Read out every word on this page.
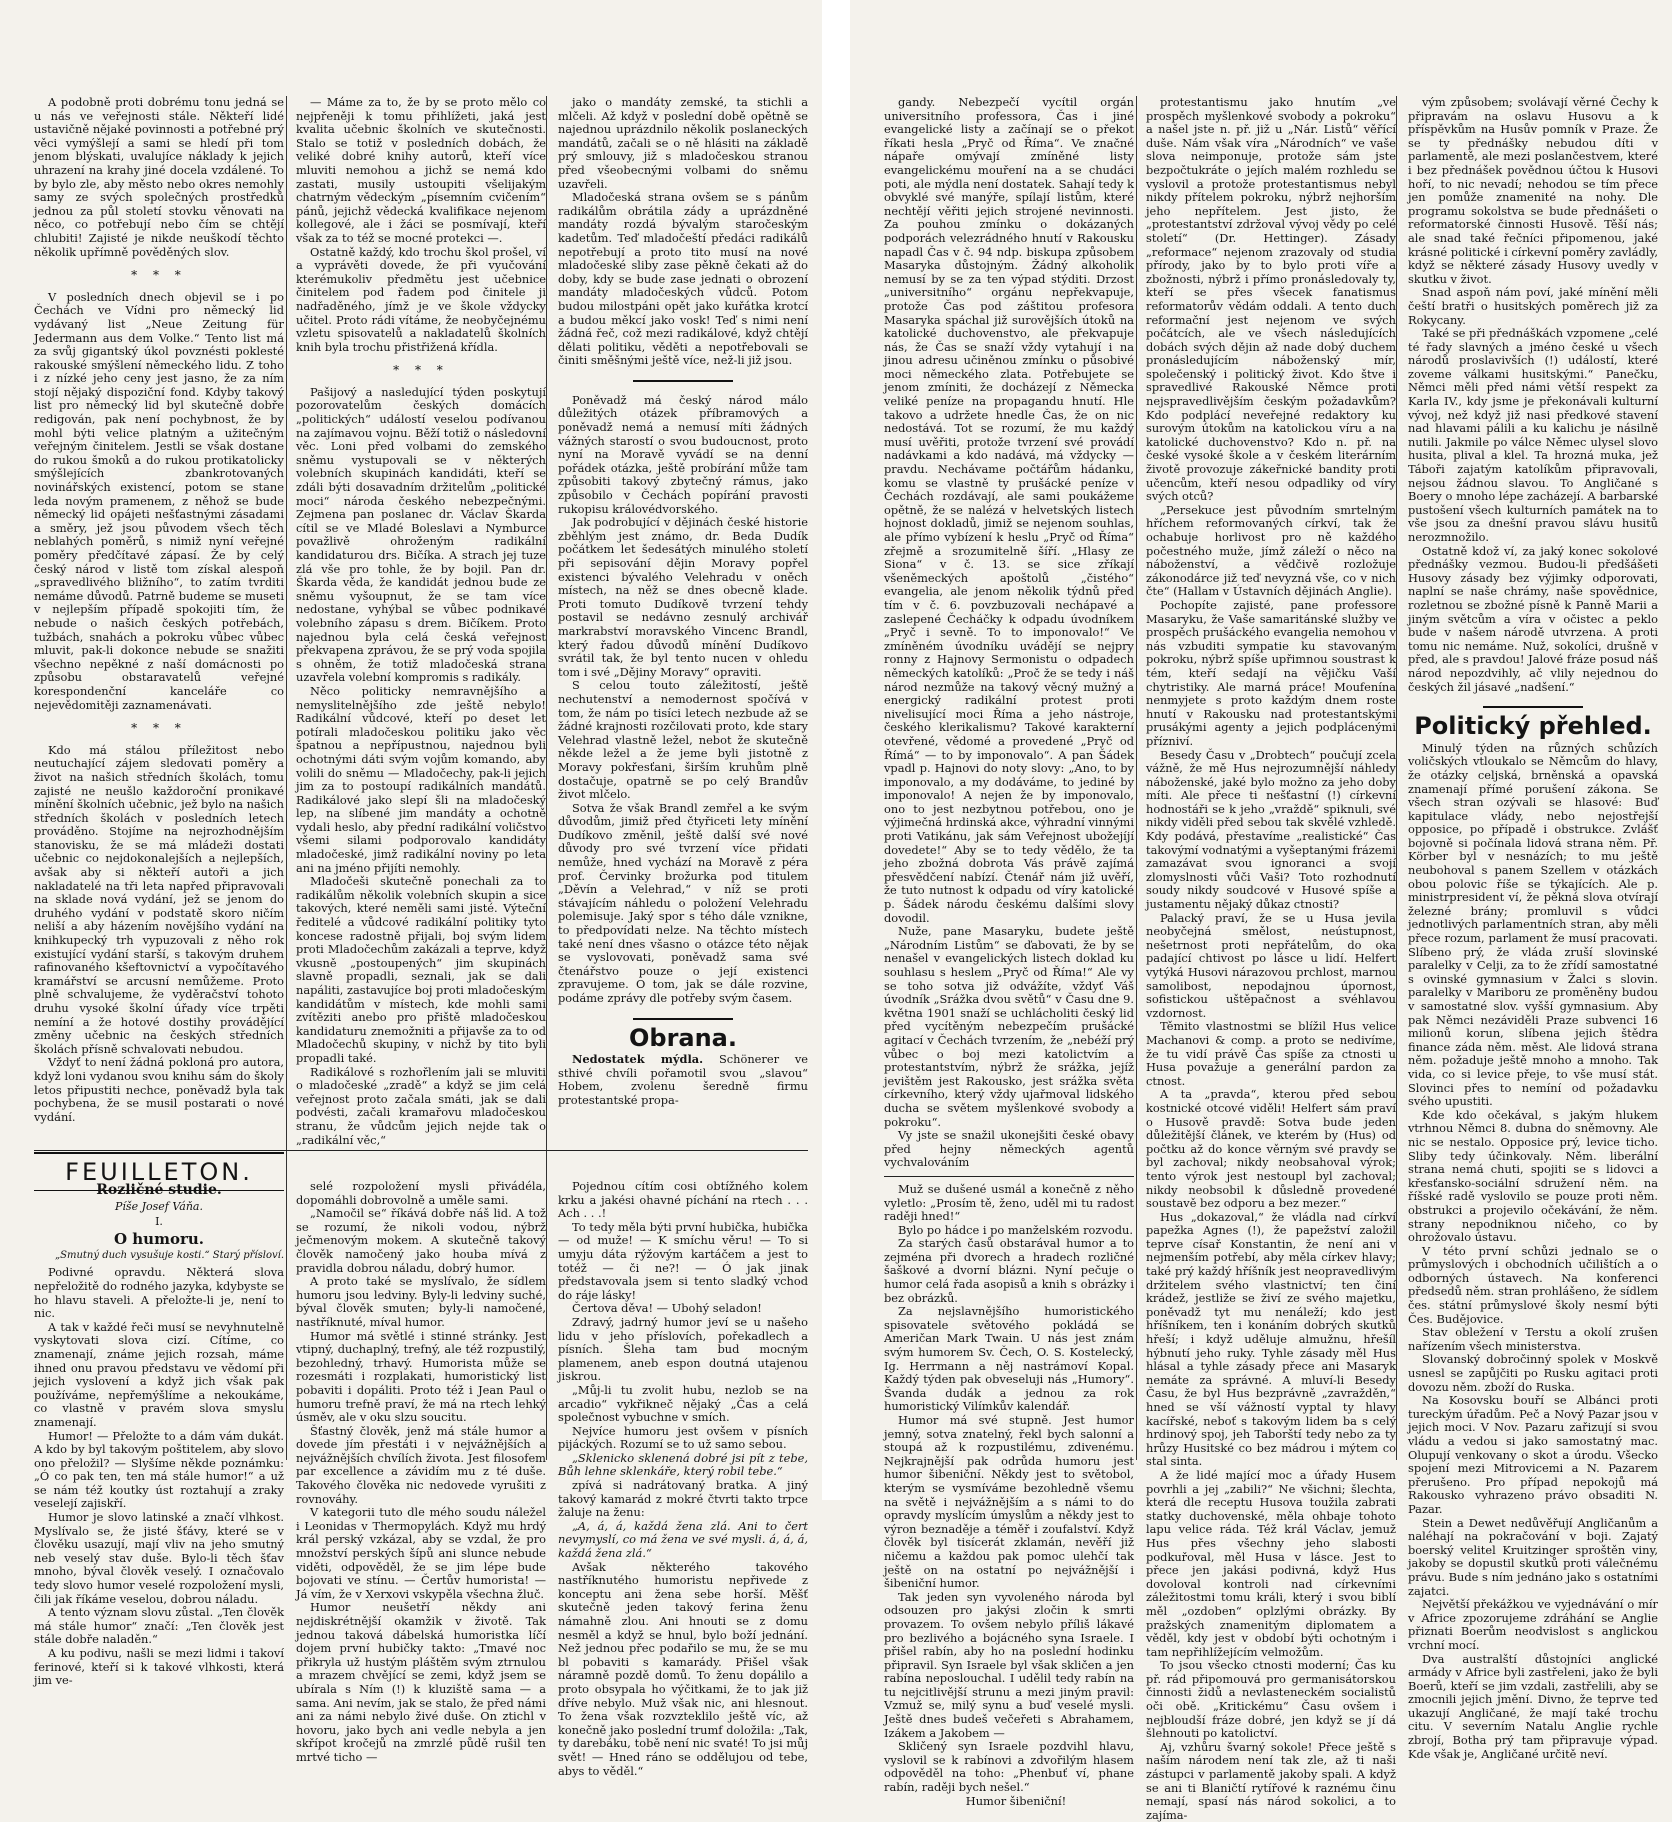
A podobně proti dobrému tonu jedná se u nás ve veřejnosti stále. Někteří lidé ustavičně nějaké povinnosti a potřebné prý věci vymýšlejí a sami se hledí při tom jenom blýskati, uvalujíce náklady k jejich uhrazení na krahy jiné docela vzdálené. To by bylo zle, aby město nebo okres nemohly samy ze svých společných prostředků jednou za půl století stovku věnovati na něco, co potřebují nebo čím se chtějí chlubiti! Zajisté je nikde neuškodí těchto několik upřímně pověděných slov.

* * *

V posledních dnech objevil se i po Čechách ve Vídni pro německý lid vydávaný list „Neue Zeitung für Jedermann aus dem Volke.“ Tento list má za svůj gigantský úkol povznésti poklesté rakouské smýšlení německého lidu. Z toho i z nízké jeho ceny jest jasno, že za ním stojí nějaký dispoziční fond. Kdyby takový list pro německý lid byl skutečně dobře redigován, pak není pochybnost, že by mohl býti velice platným a užitečným veřejným činitelem. Jestli se však dostane do rukou šmoků a do rukou protikatolicky smýšlejících zbankrotovaných novinářských existencí, potom se stane leda novým pramenem, z něhož se bude německý lid opájeti nešťastnými zásadami a směry, jež jsou původem všech těch neblahých poměrů, s nimiž nyní veřejné poměry předčítavé zápasí. Že by celý český národ v listě tom získal alespoň „spravedlivého bližního“, to zatím tvrditi nemáme důvodů. Patrně budeme se museti v nejlepším případě spokojiti tím, že nebude o našich českých potřebách, tužbách, snahách a pokroku vůbec vůbec mluvit, pak-li dokonce nebude se snažiti všechno nepěkné z naší domácnosti po způsobu obstaravatelů veřejné korespondenční kanceláře co nejevědomitěji zaznamenávati.

* * *

Kdo má stálou příležitost nebo neutuchající zájem sledovati poměry a život na našich středních školách, tomu zajisté ne neušlo každoroční pronikavé mínění školních učebnic, jež bylo na našich středních školách v posledních letech prováděno. Stojíme na nejrozhodnějším stanovisku, že se má mládeži dostati učebnic co nejdokonalejších a nejlepších, avšak aby si někteří autoři a jich nakladatelé na tři leta napřed připravovali na sklade nová vydání, jež se jenom do druhého vydání v podstatě skoro ničím neliší a aby házením novějšího vydání na knihkupecký trh vypuzovali z něho rok existující vydání starší, s takovým druhem rafinovaného kšeftovnictví a vypočítavého kramářství se arcusní nemůžeme. Proto plně schvalujeme, že vyděračství tohoto druhu vysoké školní úřady více trpěti nemíní a že hotové dostihy provádějící změny učebnic na českých středních školách přísně schvalovati nebudou.

Vždyť to není žádná pokloná pro autora, když loni vydanou svou knihu sám do školy letos připustiti nechce, poněvadž byla tak pochybena, že se musil postarati o nové vydání.

— Máme za to, že by se proto mělo co nejpřeněji k tomu přihlížeti, jaká jest kvalita učebnic školních ve skutečnosti. Stalo se totiž v posledních dobách, že veliké dobré knihy autorů, kteří více mluviti nemohou a jichž se nemá kdo zastati, musily ustoupiti všelijakým chatrným vědeckým „písemním cvičením“ pánů, jejichž vědecká kvalifikace nejenom kollegové, ale i žáci se posmívají, kteří však za to též se mocné protekci —.

Ostatně každý, kdo trochu škol prošel, ví a vyprávěti dovede, že při vyučování kterémukoliv předmětu jest učebnice činitelem pod řadem pod činitele ji nadřaděného, jímž je ve škole vždycky učitel. Proto rádi vítáme, že neobyčejnému vzletu spisovatelů a nakladatelů školních knih byla trochu přistřižená křídla.

* * *

Pašijový a nasledující týden poskytují pozorovatelům českých domácích „politických“ událostí veselou podívanou na zajímavou vojnu. Běží totiž o následovní věc. Loni před volbami do zemského sněmu vystupovali se v některých volebních skupinách kandidáti, kteří se zdáli býti dosavadním držitelům „politické moci“ národa českého nebezpečnými. Zejmena pan poslanec dr. Václav Škarda cítil se ve Mladé Boleslavi a Nymburce považlivě ohroženým radikální kandidaturou drs. Bičíka. A strach jej tuze zlá vše pro tohle, že by bojil. Pan dr. Škarda věda, že kandidát jednou bude ze sněmu vyšoupnut, že se tam více nedostane, vyhýbal se vůbec podnikavé volebního zápasu s drem. Bičíkem. Proto najednou byla celá česká veřejnost překvapena zprávou, že se prý voda spojila s ohněm, že totiž mladočeská strana uzavřela volební kompromis s radikály.

Něco politicky nemravnějšího a nemyslitelnějšího zde ještě nebylo! Radikální vůdcové, kteří po deset let potírali mladočeskou politiku jako věc špatnou a nepřípustnou, najednou byli ochotnými dáti svým vojům komando, aby volili do sněmu — Mladočechy, pak-li jejich jim za to postoupí radikálních mandátů. Radikálové jako slepí šli na mladočeský lep, na slíbené jim mandáty a ochotně vydali heslo, aby přední radikální voličstvo všemi silami podporovalo kandidáty mladočeské, jimž radikální noviny po leta ani na jméno přijíti nemohly.

Mladočeši skutečně ponechali za to radikálům několik volebních skupin a sice takových, které neměli sami jisté. Výteční ředitelé a vůdcové radikální politiky tyto koncese radostně přijali, boj svým lidem proti Mladočechům zakázali a teprve, když vkusně „postoupených“ jim skupinách slavně propadli, seznali, jak se dali napáliti, zastavujíce boj proti mladočeským kandidátům v místech, kde mohli sami zvítěziti anebo pro přiště mladočeskou kandidaturu znemožniti a přijavše za to od Mladočechů skupiny, v nichž by tito byli propadli také.

Radikálové s rozhořlením jali se mluviti o mladočeské „zradě“ a když se jim celá veřejnost proto začala smáti, jak se dali podvésti, začali kramařovu mladočeskou stranu, že vůdcům jejich nejde tak o „radikální věc,“

jako o mandáty zemské, ta stichli a mlčeli. Až když v poslední době opětně se najednou uprázdnilo několik poslaneckých mandátů, začali se o ně hlásiti na základě prý smlouvy, již s mladočeskou stranou před všeobecnými volbami do sněmu uzavřeli.

Mladočeská strana ovšem se s pánům radikálům obrátila zády a uprázdněné mandáty rozdá bývalým staročeským kadetům. Teď mladočeští předáci radikálů nepotřebují a proto tito musí na nové mladočeské sliby zase pěkně čekati až do doby, kdy se bude zase jednati o obrození mandáty mladočeských vůdců. Potom budou milostpáni opět jako kuřátka krotcí a budou měkcí jako vosk! Teď s nimi není žádná řeč, což mezi radikálové, když chtějí dělati politiku, věděti a nepotřebovali se činiti směšnými ještě více, než-li již jsou.

Poněvadž má český národ málo důležitých otázek příbramových a poněvadž nemá a nemusí míti žádných vážných starostí o svou budoucnost, proto nyní na Moravě vyvádí se na denní pořádek otázka, ještě probírání může tam způsobiti takový zbytečný rámus, jako způsobilo v Čechách popírání pravosti rukopisu královédvorského.

Jak podrobující v dějinách české historie zběhlým jest známo, dr. Beda Dudík počátkem let šedesátých minulého století při sepisování dějin Moravy popřel existenci bývalého Velehradu v oněch místech, na něž se dnes obecně klade. Proti tomuto Dudíkově tvrzení tehdy postavil se nedávno zesnulý archivář markrabství moravského Vincenc Brandl, který řadou důvodů mínění Dudíkovo svrátil tak, že byl tento nucen v ohledu tom i své „Dějiny Moravy“ opraviti.

S celou touto záležitostí, ještě nechutenství a nemodernost spočívá v tom, že nám po tisíci letech nezbude až se žádné krajnosti rozčilovati proto, kde stary Velehrad vlastně ležel, nebot že skutečně někde ležel a že jeme byli jistotně z Moravy pokřesťani, širším kruhům plně dostačuje, opatrně se po celý Brandův život mlčelo.

Sotva že však Brandl zemřel a ke svým důvodům, jimiž před čtyřiceti lety mínění Dudíkovo změnil, ještě další své nové důvody pro své tvrzení více přidati nemůže, hned vychází na Moravě z péra prof. Červinky brožurka pod titulem „Děvín a Velehrad,“ v níž se proti stávajícím náhledu o položení Velehradu polemisuje. Jaký spor s tého dále vznikne, to předpovídati nelze. Na těchto místech také není dnes všasno o otázce této nějak se vyslovovati, poněvadž sama své čtenářstvo pouze o její existenci zpravujeme. O tom, jak se dále rozvine, podáme zprávy dle potřeby svým časem.

Obrana.

Nedostatek mýdla. Schönerer ve sthivé chvíli pořamotil svou „slavou“ Hobem, zvolenu šeredně firmu protestantské propa-

FEUILLETON.
Rozličné studie.
Píše Josef Váňa.
I.
O humoru.
„Smutný duch vysušuje kosti.“ Starý přísloví.

Podivné opravdu. Některá slova nepřeložitě do rodného jazyka, kdybyste se ho hlavu staveli. A přeložte-li je, není to nic.

A tak v každé řeči musí se nevyhnutelně vyskytovati slova cizí. Cítíme, co znamenají, známe jejich rozsah, máme ihned onu pravou představu ve vědomí při jejich vyslovení a když jich však pak používáme, nepřemýšlíme a nekoukáme, co vlastně v pravém slova smyslu znamenají.

Humor! — Přeložte to a dám vám dukát. A kdo by byl takovým poštitelem, aby slovo ono přeložil? — Slyšíme někde poznámku: „Ó co pak ten, ten má stále humor!“ a už se nám též koutky úst roztahují a zraky veselejí zajiskří.

Humor je slovo latinské a značí vlhkost. Myslívalo se, že jisté šťávy, které se v člověku usazují, mají vliv na jeho smutný neb veselý stav duše. Bylo-li těch šťav mnoho, býval člověk veselý. I označovalo tedy slovo humor veselé rozpoložení mysli, čili jak říkáme veselou, dobrou náladu.

A tento význam slovu zůstal. „Ten člověk má stále humor“ značí: „Ten člověk jest stále dobře naladěn.“

A ku podivu, našli se mezi lidmi i takoví ferinové, kteří si k takové vlhkosti, která jim ve-

selé rozpoložení mysli přivádéla, dopomáhli dobrovolně a uměle sami.

„Namočil se“ říkává dobře náš lid. A tož se rozumí, že nikoli vodou, nýbrž ječmenovým mokem. A skutečně takový člověk namočený jako houba mívá z pravidla dobrou náladu, dobrý humor.

A proto také se myslívalo, že sídlem humoru jsou ledviny. Byly-li ledviny suché, býval člověk smuten; byly-li namočené, nastříknuté, míval humor.

Humor má světlé i stinné stránky. Jest vtipný, duchaplný, trefný, ale též rozpustilý, bezohledný, trhavý. Humorista může se rozesmáti i rozplakati, humoristický list pobaviti i dopáliti. Proto též i Jean Paul o humoru trefně praví, že má na rtech lehký úsměv, ale v oku slzu soucitu.

Šťastný člověk, jenž má stále humor a dovede jím přestáti i v nejvážnějších a nejvážnějších chvílích života. Jest filosofem par excellence a závidím mu z té duše. Takového člověka nic nedovede vyrušiti z rovnováhy.

V kategorii tuto dle mého soudu náležel i Leonidas v Thermopylách. Když mu hrdý král perský vzkázal, aby se vzdal, že pro množství perských šípů ani slunce nebude viděti, odpověděl, že se jim lépe bude bojovati ve stínu. — Čertův humorista! — Já vím, že v Xerxovi vskypěla všechna žluč.

Humor neušetří někdy ani nejdiskrétnější okamžik v životě. Tak jednou taková dábelská humoristka líčí dojem první hubičky takto: „Tmavé noc přikryla už hustým pláštěm svým ztrnulou a mrazem chvějící se zemi, když jsem se ubírala s Ním (!) k kluziště sama — a sama. Ani nevím, jak se stalo, že před námi ani za námi nebylo živé duše. On ztichl v hovoru, jako bych ani vedle nebyla a jen skřípot kročejů na zmrzlé půdě rušil ten mrtvé ticho —

Pojednou cítím cosi obtížného kolem krku a jakési ohavné píchání na rtech . . . Ach . . .!

To tedy měla býti první hubička, hubička — od muže! — K smíchu věru! — To si umyju dáta rýžovým kartáčem a jest to totéž — či ne?! — Ó jak jinak představovala jsem si tento sladký vchod do ráje lásky!

Čertova děva! — Ubohý seladon!

Zdravý, jadrný humor jeví se u našeho lidu v jeho příslovích, pořekadlech a písních. Šleha tam bud mocným plamenem, aneb espon doutná utajenou jiskrou.

„Můj-li tu zvolit hubu, nezlob se na arcadio“ vykřikneč nějaký „Čas a celá společnost vybuchne v smích.

Nejvíce humoru jest ovšem v písních pijáckých. Rozumí se to už samo sebou.

„Sklenicko sklenená dobré jsi pít z tebe, Bůh lehne sklenkáře, který robil tebe.“

zpívá si nadrátovaný bratka. A jiný takový kamarád z mokré čtvrti takto trpce žaluje na ženu:

„A, á, á, každá žena zlá. Ani to čert nevymyslí, co má žena ve své mysli. á, á, á, každá žena zlá.“

Avšak některého takového nastříknutého humoristu nepřivede z konceptu ani žena sebe horší. Měšť skutečně jeden takový ferina ženu námahně zlou. Ani hnouti se z domu nesměl a když se hnul, bylo boží jednání. Než jednou přec podařilo se mu, že se mu bl pobaviti s kamarády. Přišel však náramně pozdě domů. To ženu dopálilo a proto obsypala ho výčitkami, že to jak již dříve nebylo. Muž však nic, ani hlesnout. To žena však rozvzteklilo ještě víc, až konečně jako poslední trumf doložila: „Tak, ty darebáku, tobě není nic svaté! To jsi můj svět! — Hned ráno se oddělujou od tebe, abys to věděl.“

gandy. Nebezpečí vycítil orgán universitního professora, Čas i jiné evangelické listy a začínají se o překot říkati hesla „Pryč od Říma“. Ve značné nápaře omývají zmíněné listy evangelickému mouření na a se chudáci poti, ale mýdla není dostatek. Sahají tedy k obvyklé své manýře, spílají listům, které nechtějí věřiti jejich strojené nevinnosti. Za pouhou zmínku o dokázaných podporách velezrádného hnutí v Rakousku napadl Čas v č. 94 ndp. biskupa způsobem Masaryka důstojným. Žádný alkoholik nemusí by se za ten výpad stýditi. Drzost „universitního“ orgánu nepřekvapuje, protože Čas pod záštitou profesora Masaryka spáchal již surovějších útoků na katolické duchovenstvo, ale překvapuje nás, že Čas se snaží vždy vytahují i na jinou adresu učiněnou zmínku o působivé moci německého zlata. Potřebujete se jenom zmíniti, že docházejí z Německa veliké peníze na propagandu hnutí. Hle takovo a udržete hnedle Čas, že on nic nedostává. Tot se rozumí, že mu každý musí uvěřiti, protože tvrzení své provádí nadávkami a kdo nadává, má vždycky — pravdu. Nechávame počtářům hádanku, komu se vlastně ty prušácké peníze v Čechách rozdávají, ale sami poukážeme opětně, že se nalézá v helvetských listech hojnost dokladů, jimiž se nejenom souhlas, ale přímo vybízení k heslu „Pryč od Říma“ zřejmě a srozumitelně šíří. „Hlasy ze Siona“ v č. 13. se sice zříkají všeněmeckých apoštolů „čistého“ evangelia, ale jenom několik týdnů před tím v č. 6. povzbuzovali nechápavé a zaslepené Čecháčky k odpadu úvodníkem „Pryč i sevně. To to imponovalo!“ Ve zmíněném úvodníku uvádějí se nejpry ronny z Hajnovy Sermonistu o odpadech německých katolíků: „Proč že se tedy i náš národ nezmůže na takový věcný mužný a energický radikální protest proti nivelisující moci Říma a jeho nástroje, českého klerikalismu? Takové karakterní otevřené, vědomé a provedené „Pryč od Římá“ — to by imponovalo“. A pan Šádek vpadl p. Hajnovi do noty slovy: „Ano, to by imponovalo, a my dodáváme, to jediné by imponovalo! A nejen že by imponovalo, ono to jest nezbytnou potřebou, ono je výjimečná hrdinská akce, výhradní vinnými proti Vatikánu, jak sám Veřejnost ubožejíjí dovedete!“ Aby se to tedy vědělo, že ta jeho zbožná dobrota Vás právě zajímá přesvědčení nabízí. Čtenář nám již uvěří, že tuto nutnost k odpadu od víry katolické p. Šádek národu českému dalšími slovy dovodil.

Nuže, pane Masaryku, budete ještě „Národním Listům“ se ďabovati, že by se nenašel v evangelických listech doklad ku souhlasu s heslem „Pryč od Říma!“ Ale vy se toho sotva již odvážíte, vždyť Váš úvodník „Srážka dvou světů“ v Času dne 9. května 1901 snaží se uchlácholiti český lid před vycítěným nebezpečím prušácké agitací v Čechách tvrzením, že „nebéží prý vůbec o boj mezi katolictvím a protestantstvím, nýbrž že srážka, jejíž jevištěm jest Rakousko, jest srážka světa církevního, který vždy ujařmoval lidského ducha se světem myšlenkové svobody a pokroku“.

Vy jste se snažil ukonejšiti české obavy před hejny německých agentů vychvalováním

Muž se dušené usmál a konečně z něho vyletlo: „Prosím tě, ženo, uděl mi tu radost raději hned!“

Bylo po hádce i po manželském rozvodu.

Za starých časů obstarával humor a to zejména při dvorech a hradech rozličné šaškové a dvorní blázni. Nyní pečuje o humor celá řada asopisů a knih s obrázky i bez obrázků.

Za nejslavnějšího humoristického spisovatele světového pokládá se Američan Mark Twain. U nás jest znám svým humorem Sv. Čech, O. S. Kostelecký, Ig. Herrmann a něj nastrámoví Kopal. Každý týden pak obveseluji nás „Humory“. Švanda dudák a jednou za rok humoristický Vilímkův kalendář.

Humor má své stupně. Jest humor jemný, sotva znatelný, řekl bych salonní a stoupá až k rozpustilému, zdivenému. Nejkrajnější pak odrůda humoru jest humor šibeniční. Někdy jest to světobol, kterým se vysmíváme bezohledně všemu na světě i nejvážnějším a s námi to do opravdy myslícím úmyslům a někdy jest to výron beznaděje a téměř i zoufalství. Když člověk byl tisícerát zklamán, nevěří již ničemu a každou pak pomoc ulehčí tak ještě on na ostatní po nejvážnější i šibeniční humor.

Tak jeden syn vyvoleného národa byl odsouzen pro jakýsi zločin k smrti provazem. To ovšem nebylo příliš lákavé pro bezlivého a bojácného syna Israele. I přišel rabín, aby ho na poslední hodinku připravil. Syn Israele byl však skličen a jen rabína neposlouchal. I udělil tedy rabín na tu nejcitlivější strunu a mezi jiným pravil: Vzmuž se, milý synu a buď veselé mysli. Ještě dnes budeš večeřeti s Abrahamem, Izákem a Jakobem —

Skličený syn Israele pozdvihl hlavu, vyslovil se k rabínovi a zdvořilým hlasem odpověděl na toho: „Phenbuť ví, phane rabín, raději bych nešel.“

Humor šibeniční!

protestantismu jako hnutím „ve prospěch myšlenkové svobody a pokroku“ a našel jste n. př. již u „Nár. Listů“ věřící duše. Nám však víra „Národních“ ve vaše slova neimponuje, protože sám jste bezpočtukráte o jejích malém rozhledu se vyslovil a protože protestantismus nebyl nikdy přítelem pokroku, nýbrž nejhorším jeho nepřítelem. Jest jisto, že „protestantství zdržoval vývoj vědy po celé století“ (Dr. Hettinger). Zásady „reformace“ nejenom zrazovaly od studia přírody, jako by to bylo proti víře a zbožnosti, nýbrž i přímo pronásledovaly ty, kteří se přes všecek fanatismus reformatorův vědám oddali. A tento duch reformační jest nejenom ve svých počátcích, ale ve všech následujících dobách svých dějin až nade dobý duchem pronásledujícím náboženský mír, společenský i politický život. Kdo štve i spravedlivé Rakouské Němce proti nejspravedlivějším českým požadavkům? Kdo podplácí neveřejné redaktory ku surovým útokům na katolickou víru a na katolické duchovenstvo? Kdo n. př. na české vysoké škole a v českém literárním životě provozuje zákeřnické bandity proti učencům, kteří nesou odpadliky od víry svých otců?

„Persekuce jest původním smrtelným hříchem reformovaných církví, tak že ochabuje horlivost pro ně každého počestného muže, jímž záleží o něco na náboženství, a vědčivě rozložuje zákonodárce již teď nevyzná vše, co v nich čte“ (Hallam v Ústavních dějinách Anglie).

Pochopíte zajisté, pane professore Masaryku, že Vaše samaritánské služby ve prospěch prušáckého evangelia nemohou v nás vzbuditi sympatie ku stavovaným pokroku, nýbrž spíše upřimnou soustrast k tém, kteří sedají na vějičku Vaší chytristiky. Ale marná práce! Moufenína nenmyjete s proto každým dnem roste hnutí v Rakousku nad protestantskými prusákými agenty a jejich podplácenými přízniví.

Besedy Času v „Drobtech“ poučují zcela vážně, že mě Hus nejrozumnější náhledy náboženské, jaké bylo možno za jeho doby míti. Ale přece ti nešťastní (!) církevní hodnostáři se k jeho „vraždě“ spiknuli, své nikdy viděli před sebou tak skvělé vzhledě. Kdy podává, přestavíme „realistické“ Čas takovýmí vodnatými a vyšeptanými frázemi zamazávat svou ignoranci a svojí zlomyslnosti vůči Vaši? Toto rozhodnutí soudy nikdy soudcové v Husové spíše a justamentu nějaký důkaz ctnosti?

Palacký praví, že se u Husa jevila neobyčejná smělost, neústupnost, nešetrnost proti nepřátelům, do oka padající chtivost po lásce u lidí. Helfert vytýká Husovi nárazovou prchlost, marnou samolibost, nepodajnou úpornost, sofistickou uštěpačnost a svéhlavou vzdornost.

Těmito vlastnostmi se blížil Hus velice Machanovi & comp. a proto se nedivíme, že tu vidí právě Čas spíše za ctnosti u Husa považuje a generální pardon za ctnost.

A ta „pravda“, kterou před sebou kostnické otcové viděli! Helfert sám praví o Husově pravdě: Sotva bude jeden důležitější článek, ve kterém by (Hus) od počtku až do konce věrným své pravdy se byl zachoval; nikdy neobsahoval výrok; tento výrok jest nestoupl byl zachoval; nikdy neobsobil k důsledně provedené soustavě bez odporu a bez mezer.“

Hus „dokazoval,“ že vládla nad církví papežka Agnes (!), že papežství založil teprve císař Konstantin, že není ani v nejmenším potřebí, aby měla církev hlavy; také prý každý hříšník jest neopravedlivým držitelem svého vlastnictví; ten činí krádež, jestliže se živí ze svého majetku, poněvadž tyt mu nenáleží; kdo jest hříšníkem, ten i konáním dobrých skutků hřeší; i když uděluje almužnu, hřešíl hýbnutí jeho ruky. Tyhle zásady měl Hus hlásal a tyhle zásady přece ani Masaryk nemáte za správné. A mluví-li Besedy Času, že byl Hus bezprávně „zavražděn,“ hned se vší vážností vyptal ty hlavy kacířské, neboť s takovým lidem ba s celý hrdinový spoj, jeh Taborští tedy nebo za ty hrůzy Husitské co bez mádrou i mýtem co stal sinta.

A že lidé mající moc a úřady Husem povrhli a jej „zabili?“ Ne všichni; šlechta, která dle receptu Husova toužila zabrati statky duchovenské, měla ohbaje tohoto lapu velice ráda. Též král Václav, jemuž Hus přes všechny jeho slabosti podkuřoval, měl Husa v lásce. Jest to přece jen jakási podivná, když Hus dovoloval kontroli nad církevními záležitostmi tomu králi, který i svou biblí měl „ozdoben“ oplzlými obrázky. By pražských znamenitým diplomatem a věděl, kdy jest v období býti ochotným i tam nepřihlížejícím velmožům.

To jsou všecko ctnosti moderní; Čas ku př. rád připomouvá pro germanisátorskou činnosti židů a nevlasteneckém socialistů oči obě. „Kritickému“ Času ovšem i nejbloudší fráze dobré, jen když se jí dá šlehnouti po katolictví.

Aj, vzhůru švarný sokole! Přece ještě s naším národem není tak zle, až ti naši zástupci v parlamentě jakoby spali. A když se ani ti Blaničtí rytířové k raznému činu nemají, spasí nás národ sokolici, a to zajíma-

vým způsobem; svolávají věrné Čechy k připravám na oslavu Husovu a k příspěvkům na Husův pomník v Praze. Že se ty přednášky nebudou díti v parlamentě, ale mezi poslančestvem, které i bez přednášek povědnou účtou k Husovi hoří, to nic nevadí; nehodou se tím přece jen pomůže znamenité na nohy. Dle programu sokolstva se bude přednášeti o reformatorské činnosti Husově. Těší nás; ale snad také řečníci připomenou, jaké krásné politické i církevní poměry zavládly, když se některé zásady Husovy uvedly v skutku v život.

Snad aspoň nám poví, jaké mínění měli čeští bratři o husitských poměrech již za Rokycany.

Také se při přednáškách vzpomene „celé té řady slavných a jméno české u všech národů proslavivších (!) událostí, které zoveme válkami husitskými.“ Panečku, Němci měli před námi větší respekt za Karla IV., kdy jsme je překonávali kulturní vývoj, než když již nasi předkové stavení nad hlavami pálili a ku kalichu je násilně nutili. Jakmile po válce Němec ulysel slovo husita, plival a klel. Ta hrozná muka, jež Táboři zajatým katolíkům připravovali, nejsou žádnou slavou. To Angličané s Boery o mnoho lépe zacházejí. A barbarské pustošení všech kulturních památek na to vše jsou za dnešní pravou slávu husitů nerozmnožilo.

Ostatně kdož ví, za jaký konec sokolové přednášky vezmou. Budou-li předšášeti Husovy zásady bez výjimky odporovati, naplní se naše chrámy, naše spovědnice, rozletnou se zbožné písně k Panně Marii a jiným světcům a víra v očistec a peklo bude v našem národě utvrzena. A proti tomu nic nemáme. Nuž, sokolíci, drušně v před, ale s pravdou! Jalové fráze posud náš národ nepozdvihly, ač vlily nejednou do českých žil jásavé „nadšení.“

Politický přehled.

Minulý týden na různých schůzích voličských vtloukalo se Němcům do hlavy, že otázky celjská, brněnská a opavská znamenají přímé porušení zákona. Se všech stran ozývali se hlasové: Buď kapitulace vlády, nebo nejostřejší opposice, po případě i obstrukce. Zvlášť bojovně si počínala lidová strana něm. Př. Körber byl v nesnázích; to mu ještě neubohoval s panem Szellem v otázkách obou polovic říše se týkajících. Ale p. ministrpresident ví, že pěkná slova otvírají železné brány; promluvil s vůdci jednotlivých parlamentních stran, aby měli přece rozum, parlament že musí pracovati. Slíbeno prý, že vláda zruší slovinské paralelky v Celji, za to že zřídí samostatné s ovinské gymnasium v Žalci s slovin. paralelky v Mariboru ze proměněny budou v samostatné slov. vyšší gymnasium. Aby pak Němci nezáviděli Praze subvenci 16 milionů korun, slíbena jejich štědra finance záda něm. měst. Ale lidová strana něm. požaduje ještě mnoho a mnoho. Tak vida, co si levice přeje, to vše musí stát. Slovinci přes to nemíní od požadavku svého upustiti.

Kde kdo očekával, s jakým hlukem vtrhnou Němci 8. dubna do sněmovny. Ale nic se nestalo. Opposice prý, levice ticho. Sliby tedy účinkovaly. Něm. liberální strana nemá chuti, spojiti se s lidovci a křesťansko-sociální sdružení něm. na říšské radě vyslovilo se pouze proti něm. obstrukci a projevilo očekávání, že něm. strany nepodniknou ničeho, co by ohrožovalo ústavu.

V této první schůzi jednalo se o průmyslových i obchodních učilištích a o odborných ústavech. Na konferenci předsedů něm. stran prohlášeno, že sídlem čes. státní průmyslové školy nesmí býti Čes. Budějovice.

Stav obležení v Terstu a okolí zrušen nařízením všech ministerstva.

Slovanský dobročinný spolek v Moskvě usnesl se zapůjčiti po Rusku agitaci proti dovozu něm. zboží do Ruska.

Na Kosovsku bouří se Albánci proti tureckým úřadům. Peč a Nový Pazar jsou v jejich moci. V Nov. Pazaru zařizují si svou vládu a vedou si jako samostatný mac. Olupují venkovany o skot a úrodu. Všecko spojení mezi Mitrovicemi a N. Pazarem přerušeno. Pro případ nepokojů má Rakousko vyhrazeno právo obsaditi N. Pazar.

Stein a Dewet nedůvěřují Angličanům a naléhají na pokračování v boji. Zajatý boerský velitel Kruitzinger sproštěn viny, jakoby se dopustil skutků proti válečnému právu. Bude s ním jednáno jako s ostatními zajatci.

Největší překážkou ve vyjednávání o mír v Africe zpozorujeme zdráhání se Anglie přiznati Boerům neodvislost s anglickou vrchní mocí.

Dva australští důstojníci anglické armády v Africe byli zastřeleni, jako že byli Boerů, kteří se jim vzdali, zastřelili, aby se zmocnili jejich jmění. Divno, že teprve ted ukazují Angličané, že mají také trochu citu. V severním Natalu Anglie rychle zbrojí, Botha prý tam připravuje výpad. Kde však je, Angličané určitě neví.
